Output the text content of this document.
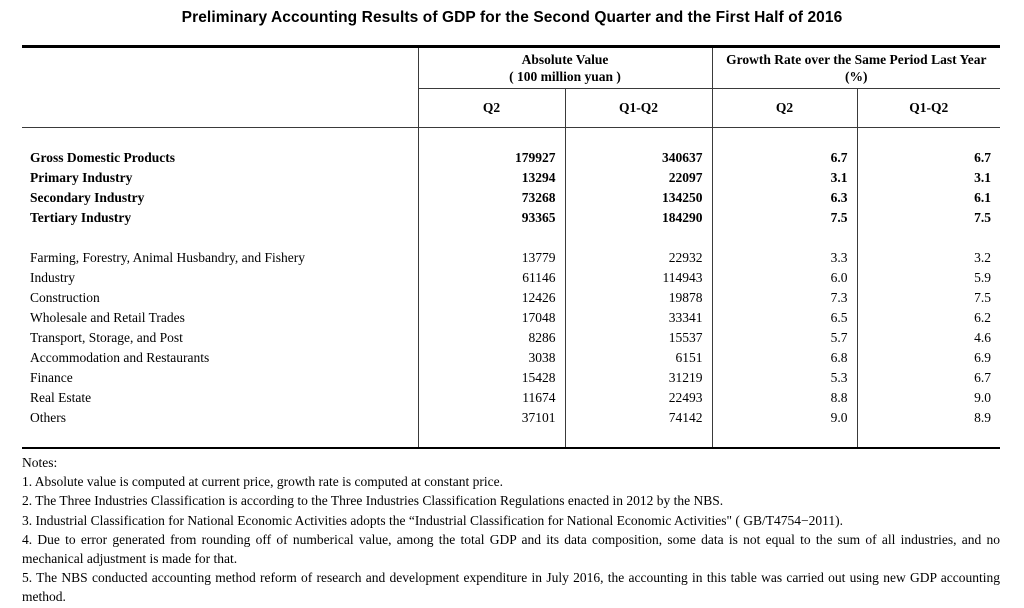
Preliminary Accounting Results of GDP for the Second Quarter and the First Half of 2016

Absolute Value
( 100 million yuan )

Growth Rate over the Same Period Last Year
(%)

	Q2	Q1-Q2	Q2	Q1-Q2

Gross Domestic Products	179927	340637	6.7	6.7
Primary Industry	13294	22097	3.1	3.1
Secondary Industry	73268	134250	6.3	6.1
Tertiary Industry	93365	184290	7.5	7.5

Farming, Forestry, Animal Husbandry, and Fishery	13779	22932	3.3	3.2
Industry	61146	114943	6.0	5.9
Construction	12426	19878	7.3	7.5
Wholesale and Retail Trades	17048	33341	6.5	6.2
Transport, Storage, and Post	8286	15537	5.7	4.6
Accommodation and Restaurants	3038	6151	6.8	6.9
Finance	15428	31219	5.3	6.7
Real Estate	11674	22493	8.8	9.0
Others	37101	74142	9.0	8.9

Notes:

1. Absolute value is computed at current price, growth rate is computed at constant price.

2. The Three Industries Classification is according to the Three Industries Classification Regulations enacted in 2012 by the NBS.

3. Industrial Classification for National Economic Activities adopts the “Industrial Classification for National Economic Activities" ( GB/T4754−2011).

4. Due to error generated from rounding off of numberical value, among the total GDP and its data composition, some data is not equal to the sum of all industries, and no mechanical adjustment is made for that.

5. The NBS conducted accounting method reform of research and development expenditure in July 2016, the accounting in this table was carried out using new GDP accounting method.
